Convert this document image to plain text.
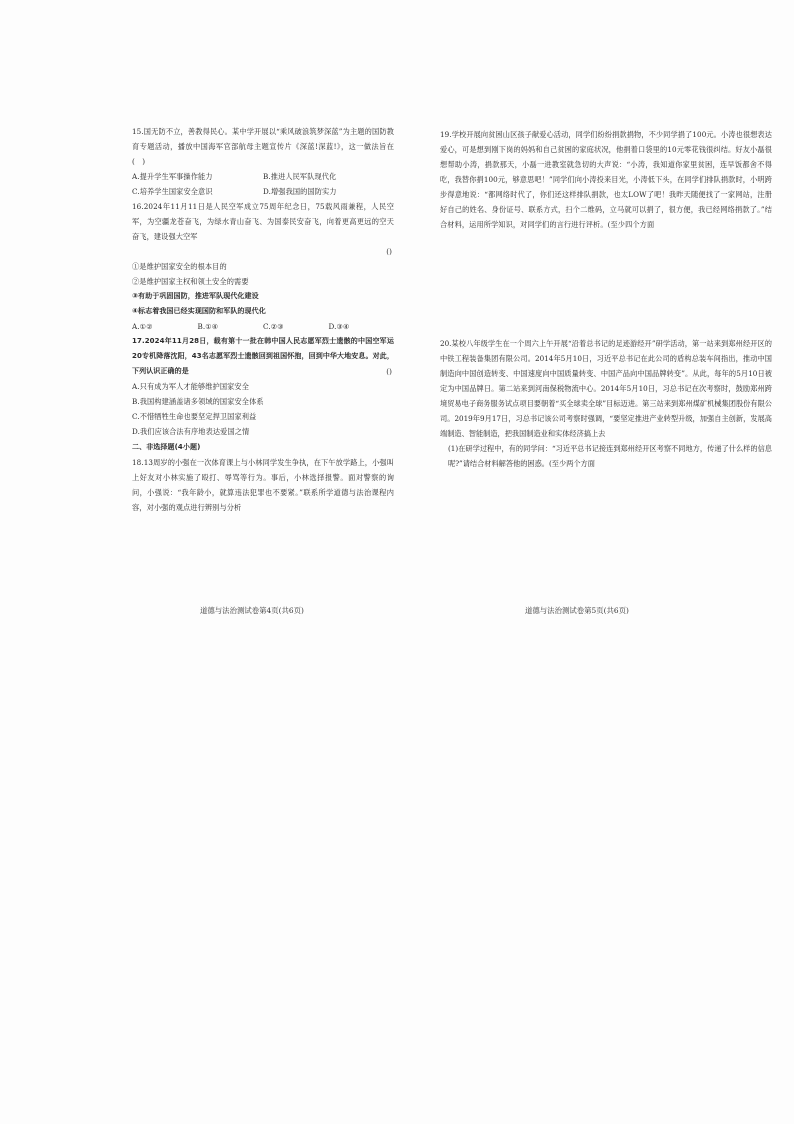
15.国无防不立，善教得民心。某中学开展以“乘风破浪筑梦深蓝”为主题的国防教育专题活动，播放中国海军官部航母主题宣传片《深蓝!深蓝!》，这一做法旨在(　)

A.提升学生军事操作能力	B.推进人民军队现代化
C.培养学生国家安全意识	D.增强我国的国防实力

16.2024年11月11日是人民空军成立75周年纪念日，75载风雨兼程，人民空军，为空疆龙苍奋飞，为绿水青山奋飞、为国泰民安奋飞，向着更高更远的空天奋飞，建设强大空军

()
①是维护国家安全的根本目的
②是维护国家主权和领土安全的需要
③有助于巩固国防，推进军队现代化建设
④标志着我国已经实现国防和军队的现代化
A.①②	B.①④	C.②③	D.③④

17.2024年11月28日，载有第十一批在韩中国人民志愿军烈士遗骸的中国空军运20专机降落沈阳，43名志愿军烈士遗骸回到祖国怀抱，回到中华大地安息。对此，下列认识正确的是	()
A.只有成为军人才能够维护国家安全
B.我国构建涵盖诸多领域的国家安全体系
C.不惜牺牲生命也要坚定捍卫国家利益
D.我们应该合法有序地表达爱国之情
二、非选择题(4小题)

18.13周岁的小强在一次体育课上与小林同学发生争执，在下午放学路上，小强叫上好友对小林实施了殴打、辱骂等行为。事后，小林选择报警。面对警察的询问，小强说：“我年龄小，就算违法犯罪也不要紧。”联系所学道德与法治课程内容，对小强的观点进行辨别与分析

道德与法治测试卷第4页(共6页)

19.学校开展向贫困山区孩子献爱心活动，同学们纷纷捐款捐物，不少同学捐了100元。小涛也很想表达爱心，可是想到刚下岗的妈妈和自己贫困的家庭状况，他捐着口袋里的10元零花钱很纠结。好友小磊很想帮助小涛，捐款那天，小磊一进教室就急切的大声说：“小涛，我知道你家里贫困，连早饭都舍不得吃，我替你捐100元，够意思吧！”同学们向小涛投来目光，小涛低下头，在同学们排队捐款时，小明跨步得意地说：“都网络时代了，你们还这样排队捐款，也太LOW了吧！我昨天随便找了一家网站，注册好自己的姓名、身份证号、联系方式，扫个二维码，立马就可以捐了，很方便，我已经网络捐款了。”结合材料，运用所学知识，对同学们的言行进行评析。(至少四个方面

20.某校八年级学生在一个周六上午开展“沿着总书记的足迹游经开”研学活动，第一站来到郑州经开区的中铁工程装备集团有限公司。2014年5月10日，习近平总书记在此公司的盾构总装车间指出，推动中国制造向中国创造转变、中国速度向中国质量转变、中国产品向中国品牌转变”。从此，每年的5月10日被定为中国品牌日。第二站来到河南保税物流中心。2014年5月10日，习总书记在次考察时，鼓励郑州跨境贸易电子商务服务试点项目要朝着“买全球卖全球”目标迈进。第三站来到郑州煤矿机械集团股份有限公司。2019年9月17日，习总书记该公司考察时强调，“要坚定推进产业转型升级，加强自主创新，发展高端制造、智能制造，把我国制造业和实体经济搞上去

(1)在研学过程中，有的同学问：“习近平总书记接连到郑州经开区考察不同地方，传递了什么样的信息呢?”请结合材料解答他的困惑。(至少两个方面

道德与法治测试卷第5页(共6页)
